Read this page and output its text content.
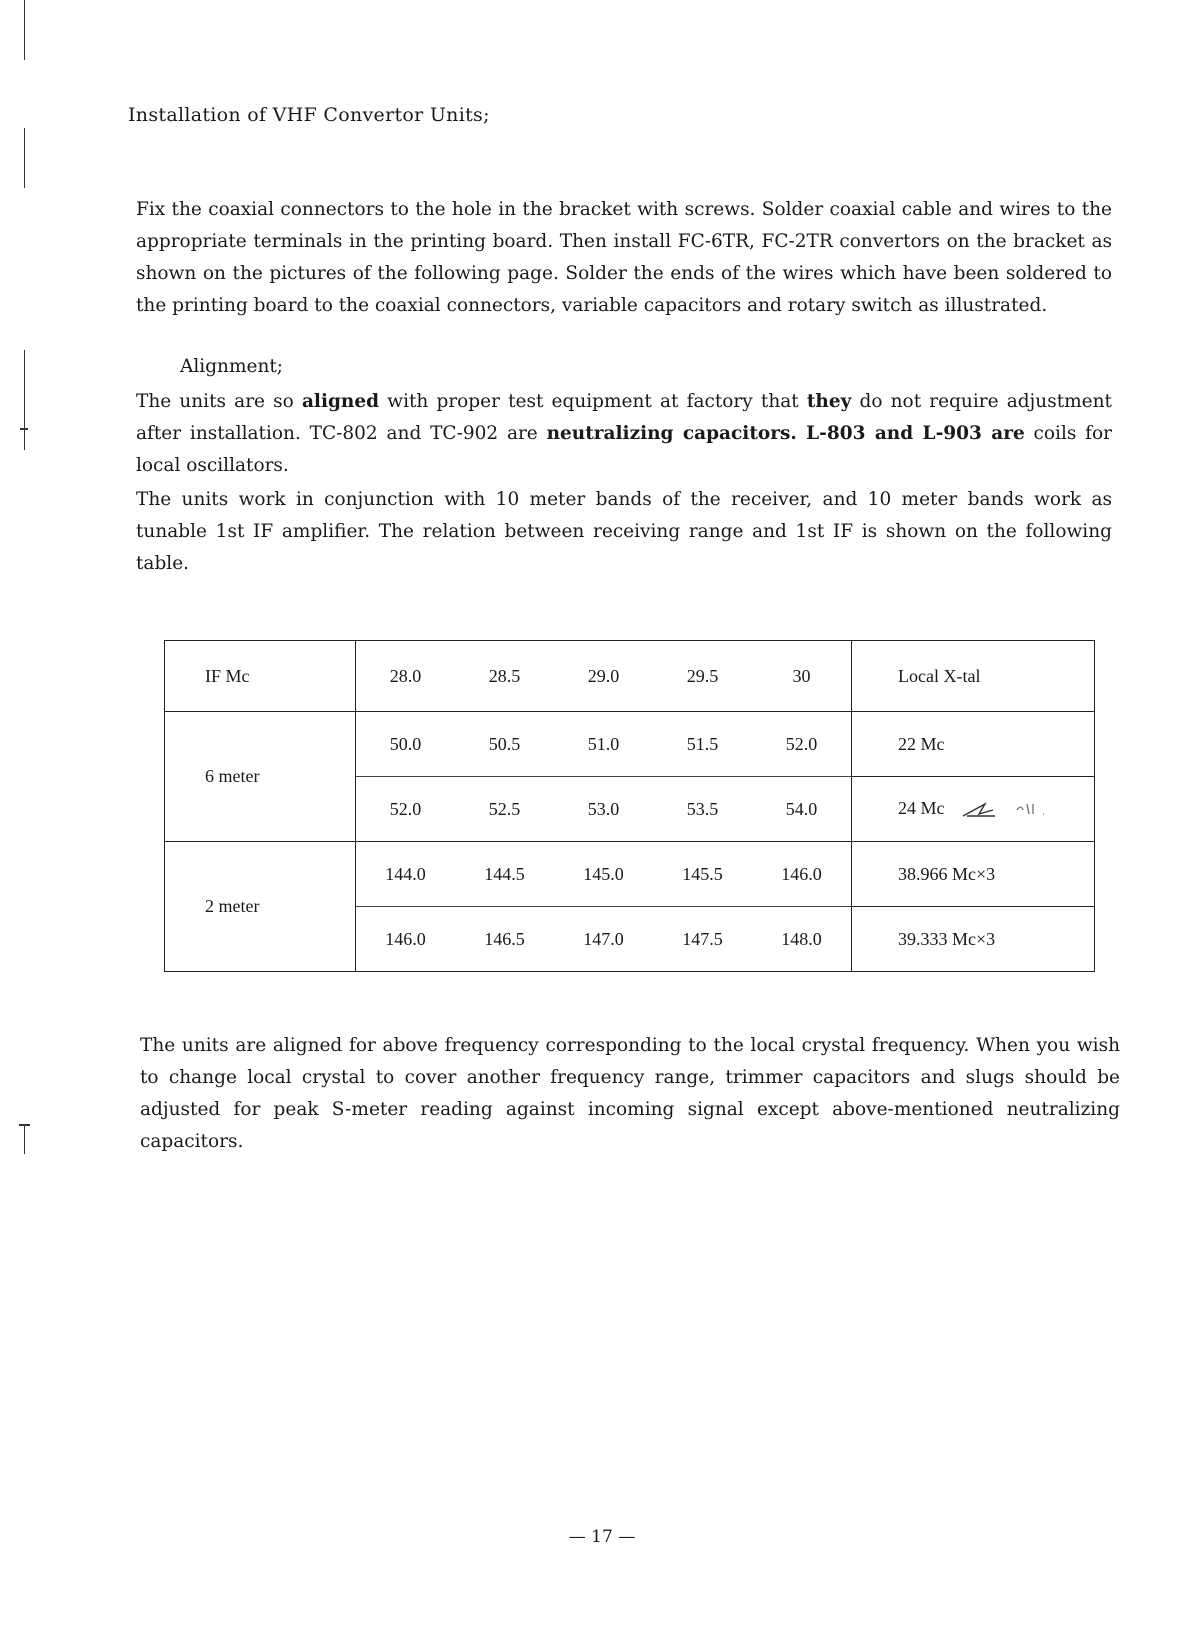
Installation of VHF Convertor Units;

Fix the coaxial connectors to the hole in the bracket with screws. Solder coaxial cable and wires to the appropriate terminals in the printing board. Then install FC-6TR, FC-2TR convertors on the bracket as shown on the pictures of the following page. Solder the ends of the wires which have been soldered to the printing board to the coaxial connectors, variable capacitors and rotary switch as illustrated.

Alignment;

The units are so aligned with proper test equipment at factory that they do not require adjustment after installation. TC-802 and TC-902 are neutralizing capacitors. L-803 and L-903 are coils for local oscillators.

The units work in conjunction with 10 meter bands of the receiver, and 10 meter bands work as tunable 1st IF amplifier. The relation between receiving range and 1st IF is shown on the following table.

IF Mc	28.0	28.5	29.0	29.5	30	Local X-tal
6 meter	50.0	50.5	51.0	51.5	52.0	22 Mc
	52.0	52.5	53.0	53.5	54.0	24 Mc
2 meter	144.0	144.5	145.0	145.5	146.0	38.966 Mc×3
	146.0	146.5	147.0	147.5	148.0	39.333 Mc×3

The units are aligned for above frequency corresponding to the local crystal frequency. When you wish to change local crystal to cover another frequency range, trimmer capacitors and slugs should be adjusted for peak S-meter reading against incoming signal except above-mentioned neutralizing capacitors.

— 17 —
